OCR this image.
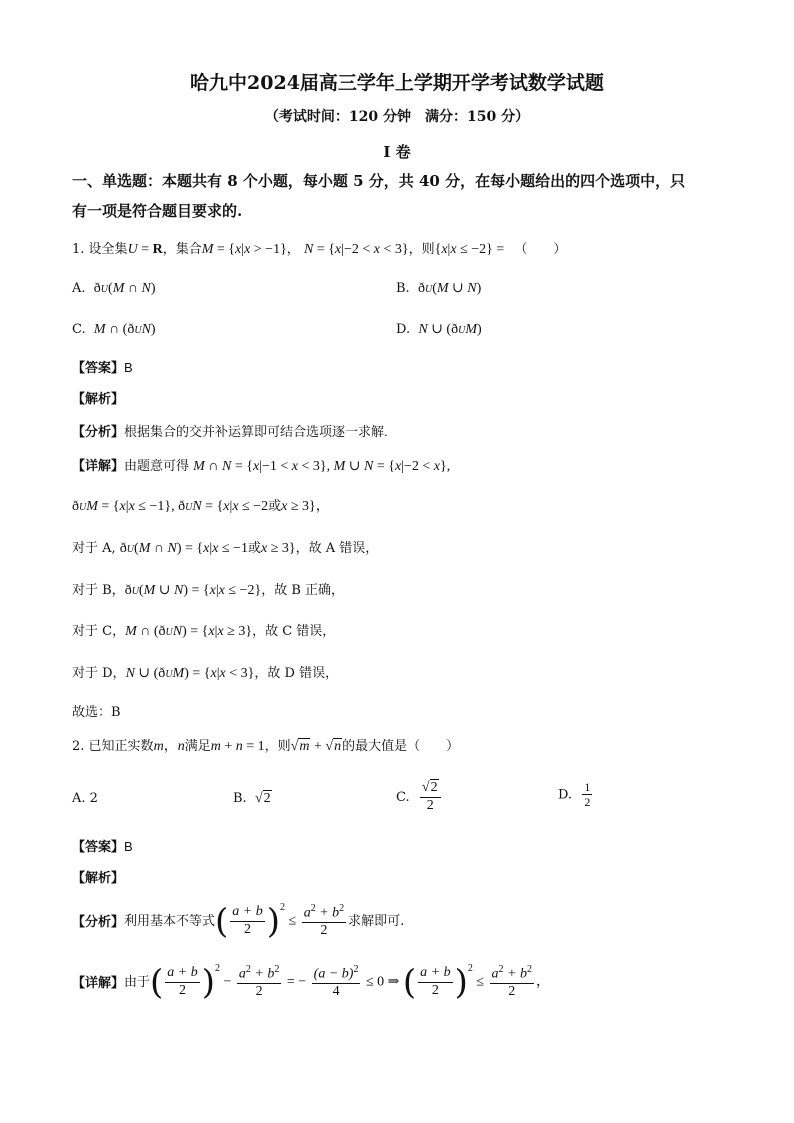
哈九中2024届高三学年上学期开学考试数学试题
（考试时间：120 分钟　满分：150 分）
I 卷
一、单选题：本题共有 8 个小题，每小题 5 分，共 40 分，在每小题给出的四个选项中，只
有一项是符合题目要求的.
1. 设全集U = R，集合M = {x|x > −1}， N = {x|−2 < x < 3}，则{x|x ≤ −2} = （　　）
A. ðU(M ∩ N)	B. ðU(M ∪ N)
C. M ∩ (ðUN)	D. N ∪ (ðUM)
【答案】B
【解析】
【分析】根据集合的交并补运算即可结合选项逐一求解.
【详解】由题意可得 M ∩ N = {x|−1 < x < 3}, M ∪ N = {x|−2 < x},
ðUM = {x|x ≤ −1}, ðUN = {x|x ≤ −2或x ≥ 3}，
对于 A, ðU(M ∩ N) = {x|x ≤ −1或x ≥ 3}，故 A 错误，
对于 B，ðU(M ∪ N) = {x|x ≤ −2}，故 B 正确，
对于 C，M ∩ (ðUN) = {x|x ≥ 3}，故 C 错误，
对于 D，N ∪ (ðUM) = {x|x < 3}，故 D 错误，
故选：B
2. 已知正实数m，n满足m + n = 1，则√m + √n的最大值是（　　）
A. 2	B. √2	C. $\frac{√2}{2}$	D. $\frac{1}{2}$
【答案】B
【解析】
【分析】利用基本不等式( $\frac{a + b}{2} )^2 \le \frac{a^2 + b^2}{2}$ 求解即可.
【详解】由于( $\frac{a + b}{2} )^2 - \frac{a^2 + b^2}{2}$ = − $\frac{(a - b)^2}{4} \le 0$ ⇒ ( $\frac{a + b}{2} )^2 \le \frac{a^2 + b^2}{2}$ ，
